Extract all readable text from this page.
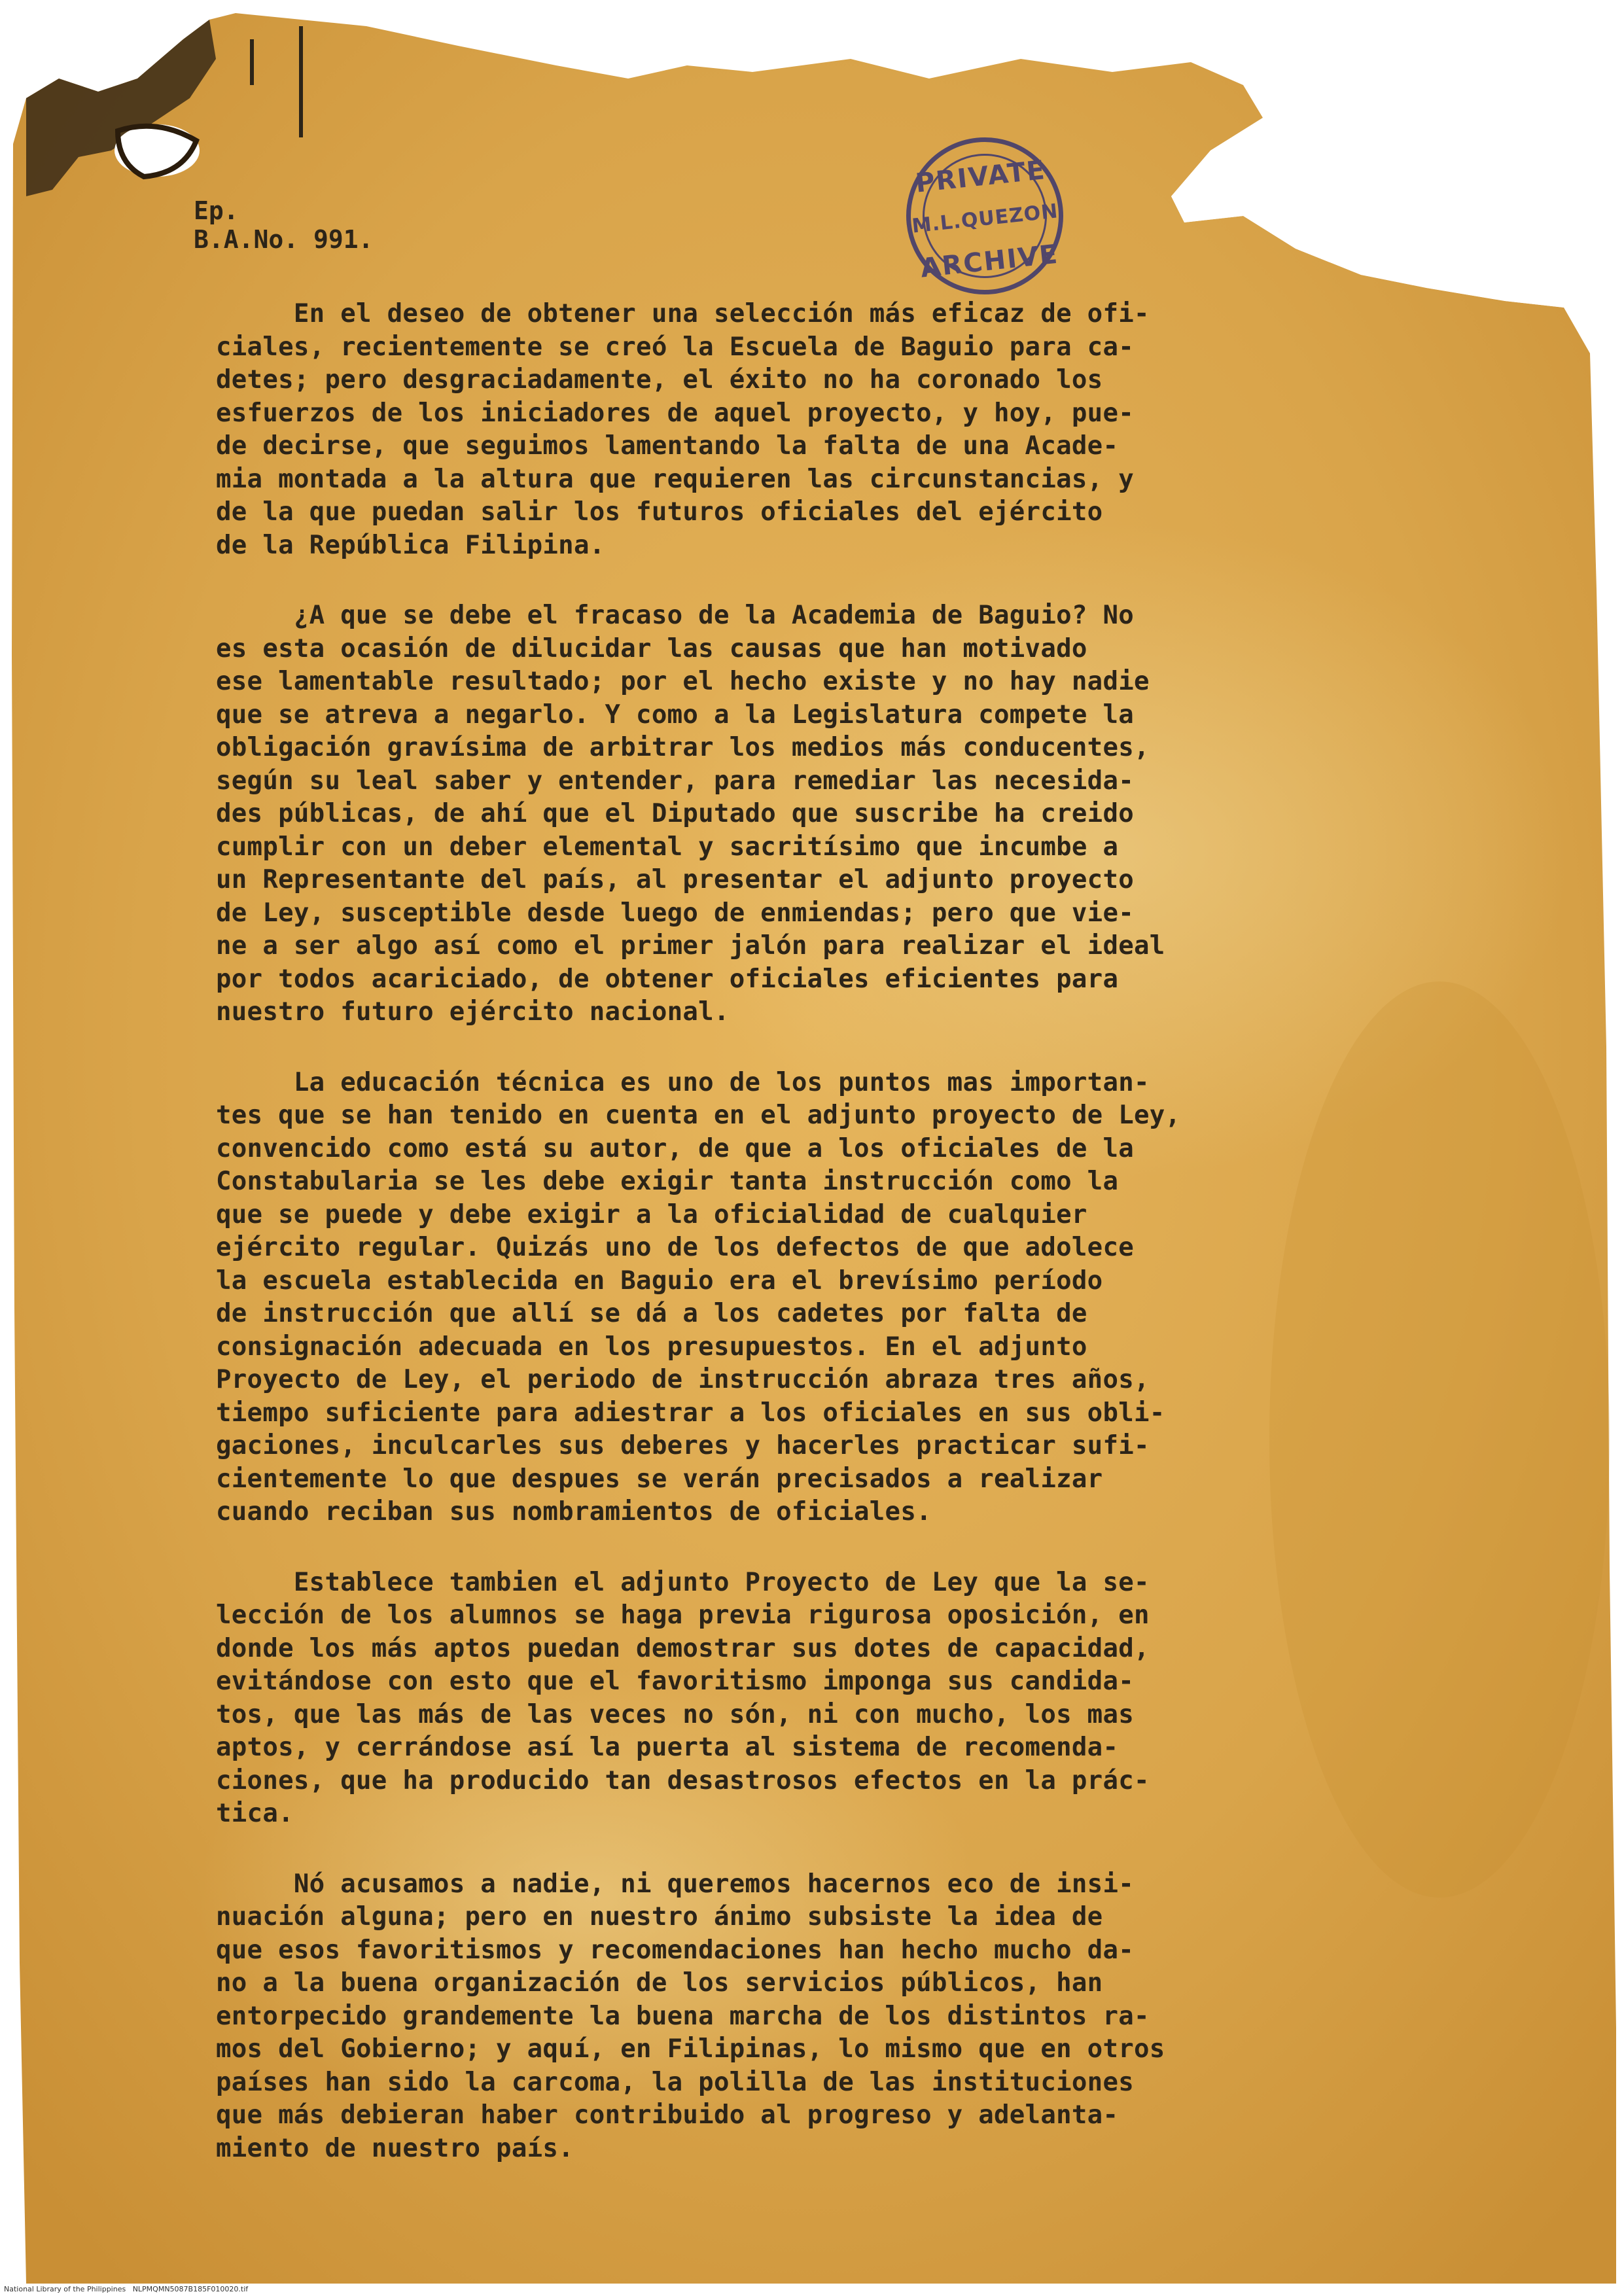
PRIVATE
M.L.QUEZON
ARCHIVE
Ep.
B.A.No. 991.
En el deseo de obtener una selección más eficaz de ofi-
ciales, recientemente se creó la Escuela de Baguio para ca-
detes; pero desgraciadamente, el éxito no ha coronado los
esfuerzos de los iniciadores de aquel proyecto, y hoy, pue-
de decirse, que seguimos lamentando la falta de una Acade-
mia montada a la altura que requieren las circunstancias, y
de la que puedan salir los futuros oficiales del ejército
de la República Filipina.
¿A que se debe el fracaso de la Academia de Baguio? No
es esta ocasión de dilucidar las causas que han motivado
ese lamentable resultado; por el hecho existe y no hay nadie
que se atreva a negarlo. Y como a la Legislatura compete la
obligación gravísima de arbitrar los medios más conducentes,
según su leal saber y entender, para remediar las necesida-
des públicas, de ahí que el Diputado que suscribe ha creido
cumplir con un deber elemental y sacritísimo que incumbe a
un Representante del país, al presentar el adjunto proyecto
de Ley, susceptible desde luego de enmiendas; pero que vie-
ne a ser algo así como el primer jalón para realizar el ideal
por todos acariciado, de obtener oficiales eficientes para
nuestro futuro ejército nacional.
La educación técnica es uno de los puntos mas importan-
tes que se han tenido en cuenta en el adjunto proyecto de Ley,
convencido como está su autor, de que a los oficiales de la
Constabularia se les debe exigir tanta instrucción como la
que se puede y debe exigir a la oficialidad de cualquier
ejército regular. Quizás uno de los defectos de que adolece
la escuela establecida en Baguio era el brevísimo período
de instrucción que allí se dá a los cadetes por falta de
consignación adecuada en los presupuestos. En el adjunto
Proyecto de Ley, el periodo de instrucción abraza tres años,
tiempo suficiente para adiestrar a los oficiales en sus obli-
gaciones, inculcarles sus deberes y hacerles practicar sufi-
cientemente lo que despues se verán precisados a realizar
cuando reciban sus nombramientos de oficiales.
Establece tambien el adjunto Proyecto de Ley que la se-
lección de los alumnos se haga previa rigurosa oposición, en
donde los más aptos puedan demostrar sus dotes de capacidad,
evitándose con esto que el favoritismo imponga sus candida-
tos, que las más de las veces no són, ni con mucho, los mas
aptos, y cerrándose así la puerta al sistema de recomenda-
ciones, que ha producido tan desastrosos efectos en la prác-
tica.
Nó acusamos a nadie, ni queremos hacernos eco de insi-
nuación alguna; pero en nuestro ánimo subsiste la idea de
que esos favoritismos y recomendaciones han hecho mucho da-
no a la buena organización de los servicios públicos, han
entorpecido grandemente la buena marcha de los distintos ra-
mos del Gobierno; y aquí, en Filipinas, lo mismo que en otros
países han sido la carcoma, la polilla de las instituciones
que más debieran haber contribuido al progreso y adelanta-
miento de nuestro país.
National Library of the Philippines   NLPMQMN5087B185F010020.tif
